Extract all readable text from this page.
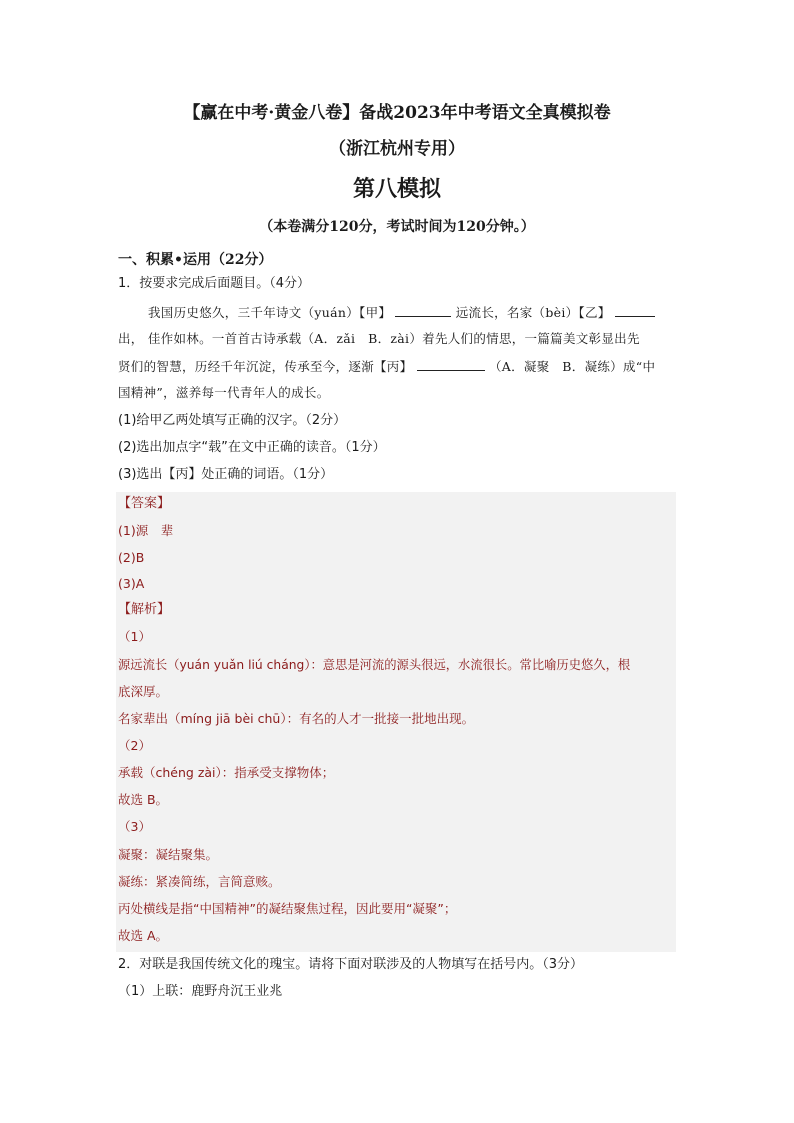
【赢在中考·黄金八卷】备战2023年中考语文全真模拟卷
（浙江杭州专用）
第八模拟
（本卷满分120分，考试时间为120分钟。）
一、积累•运用（22分）
1．按要求完成后面题目。（4分）
我国历史悠久，三千年诗文（yuán）【甲】	远流长，名家（bèi）【乙】
出， 佳作如林。一首首古诗承载（A．zǎi　B．zài）着先人们的情思，一篇篇美文彰显出先
贤们的智慧，历经千年沉淀，传承至今，逐渐【丙】	（A．凝聚　B．凝练）成“中
国精神”，滋养每一代青年人的成长。
(1)给甲乙两处填写正确的汉字。（2分）
(2)选出加点字“载”在文中正确的读音。（1分）
(3)选出【丙】处正确的词语。（1分）
【答案】
(1)源　辈
(2)B
(3)A
【解析】
（1）
源远流长（yuán yuǎn liú cháng）：意思是河流的源头很远，水流很长。常比喻历史悠久，根
底深厚。
名家辈出（míng jiā bèi chū）：有名的人才一批接一批地出现。
（2）
承载（chéng zài）：指承受支撑物体；
故选 B。
（3）
凝聚：凝结聚集。
凝练：紧凑简练，言简意赅。
丙处横线是指“中国精神”的凝结聚焦过程，因此要用“凝聚”；
故选 A。
2．对联是我国传统文化的瑰宝。请将下面对联涉及的人物填写在括号内。（3分）
（1）上联：鹿野舟沉王业兆
